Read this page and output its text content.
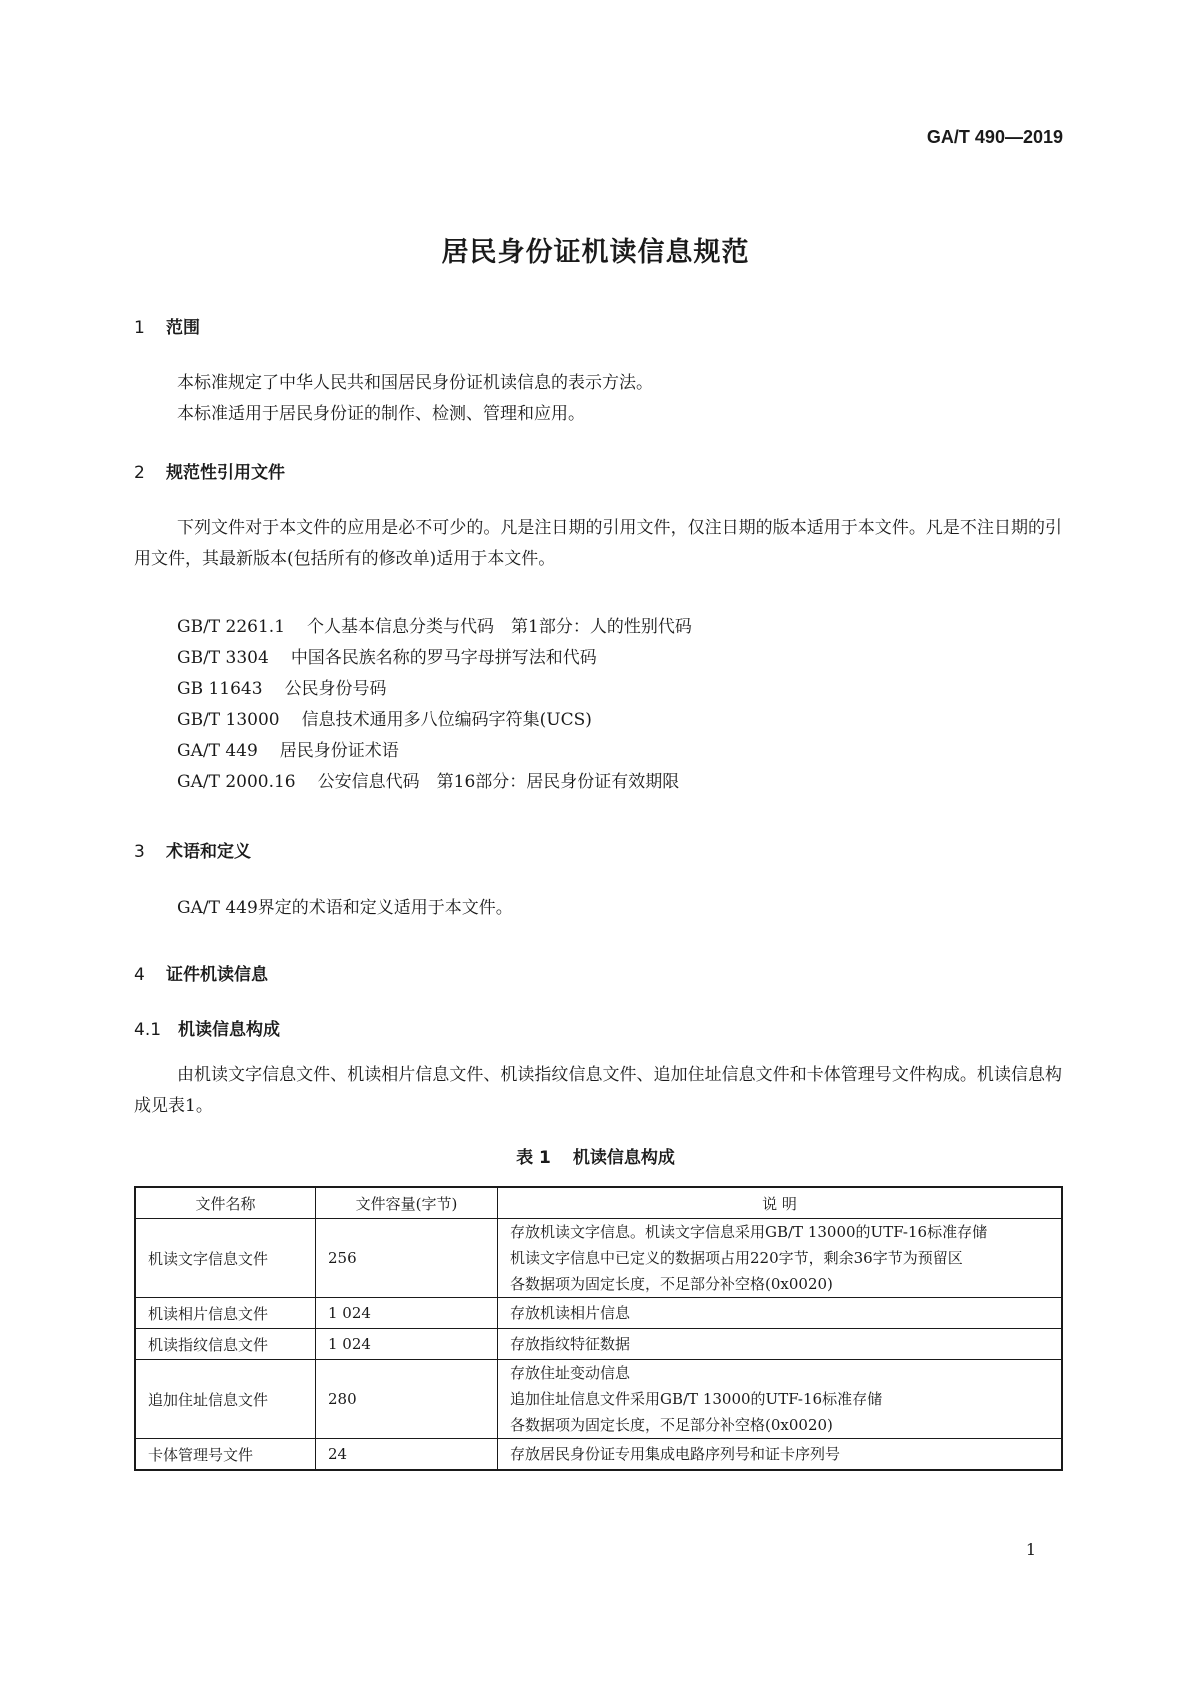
GA/T 490—2019
居民身份证机读信息规范
1 范围

本标准规定了中华人民共和国居民身份证机读信息的表示方法。

本标准适用于居民身份证的制作、检测、管理和应用。

2 规范性引用文件

下列文件对于本文件的应用是必不可少的。凡是注日期的引用文件，仅注日期的版本适用于本文件。凡是不注日期的引用文件，其最新版本(包括所有的修改单)适用于本文件。

GB/T 2261.1 个人基本信息分类与代码　第1部分：人的性别代码
GB/T 3304 中国各民族名称的罗马字母拼写法和代码
GB 11643 公民身份号码
GB/T 13000 信息技术通用多八位编码字符集(UCS)
GA/T 449 居民身份证术语
GA/T 2000.16 公安信息代码　第16部分：居民身份证有效期限
3 术语和定义

GA/T 449界定的术语和定义适用于本文件。

4 证件机读信息
4.1 机读信息构成

由机读文字信息文件、机读相片信息文件、机读指纹信息文件、追加住址信息文件和卡体管理号文件构成。机读信息构成见表1。

表 1 机读信息构成
文件名称	文件容量(字节)	说 明
机读文字信息文件	256	存放机读文字信息。机读文字信息采用GB/T 13000的UTF-16标准存储
机读文字信息中已定义的数据项占用220字节，剩余36字节为预留区
各数据项为固定长度，不足部分补空格(0x0020)

机读相片信息文件	1 024	存放机读相片信息

机读指纹信息文件	1 024	存放指纹特征数据

追加住址信息文件	280	存放住址变动信息
追加住址信息文件采用GB/T 13000的UTF-16标准存储
各数据项为固定长度，不足部分补空格(0x0020)

卡体管理号文件	24	存放居民身份证专用集成电路序列号和证卡序列号
1
